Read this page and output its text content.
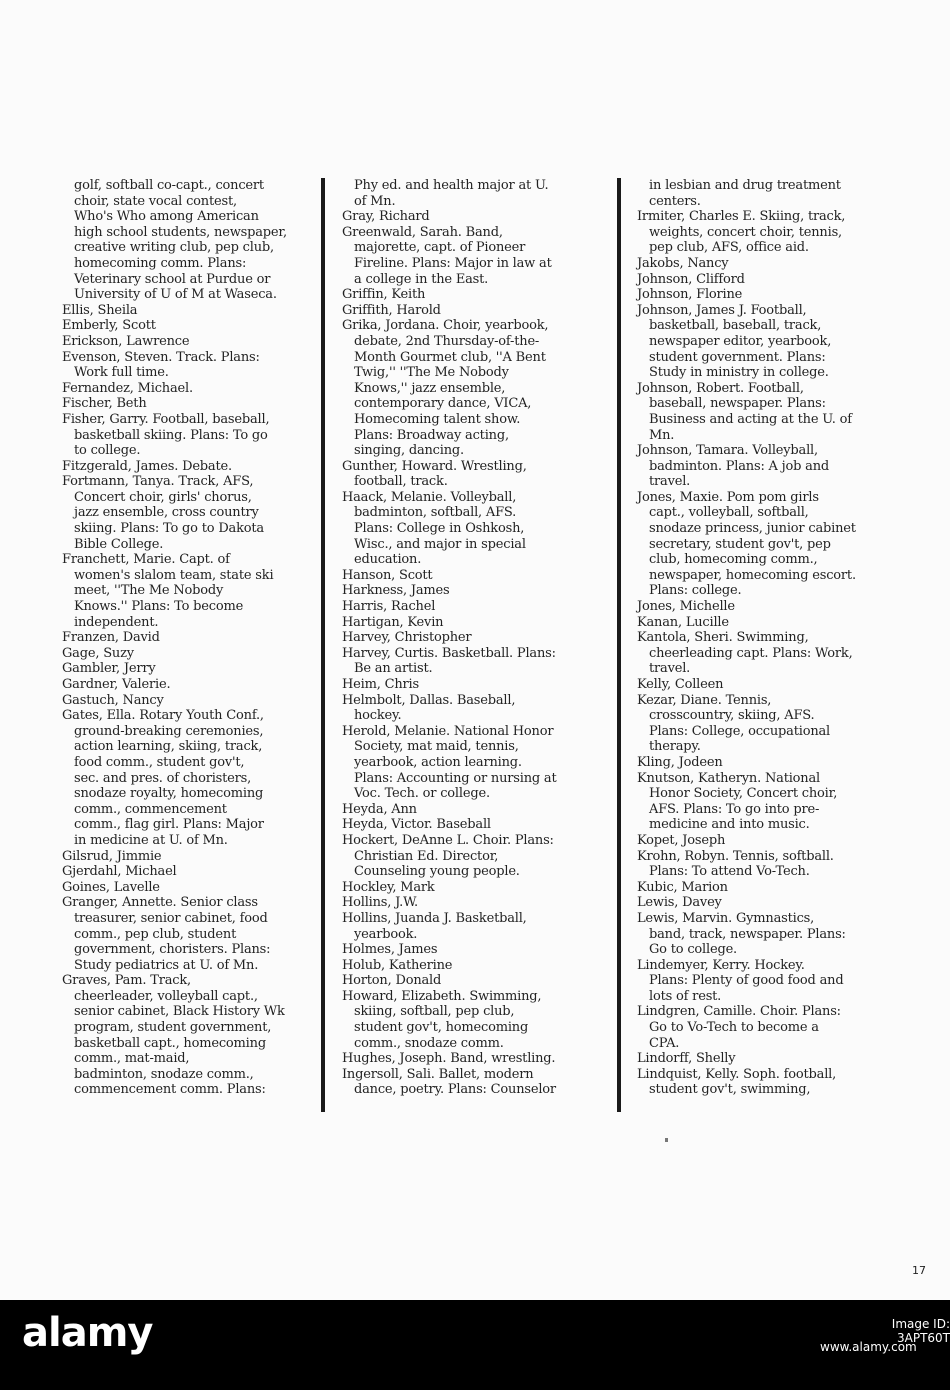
golf, softball co-capt., concert
choir, state vocal contest,
Who's Who among American
high school students, newspaper,
creative writing club, pep club,
homecoming comm. Plans:
Veterinary school at Purdue or
University of U of M at Waseca.
Ellis, Sheila
Emberly, Scott
Erickson, Lawrence
Evenson, Steven. Track. Plans:
Work full time.
Fernandez, Michael.
Fischer, Beth
Fisher, Garry. Football, baseball,
basketball skiing. Plans: To go
to college.
Fitzgerald, James. Debate.
Fortmann, Tanya. Track, AFS,
Concert choir, girls' chorus,
jazz ensemble, cross country
skiing. Plans: To go to Dakota
Bible College.
Franchett, Marie. Capt. of
women's slalom team, state ski
meet, ''The Me Nobody
Knows.'' Plans: To become
independent.
Franzen, David
Gage, Suzy
Gambler, Jerry
Gardner, Valerie.
Gastuch, Nancy
Gates, Ella. Rotary Youth Conf.,
ground-breaking ceremonies,
action learning, skiing, track,
food comm., student gov't,
sec. and pres. of choristers,
snodaze royalty, homecoming
comm., commencement
comm., flag girl. Plans: Major
in medicine at U. of Mn.
Gilsrud, Jimmie
Gjerdahl, Michael
Goines, Lavelle
Granger, Annette. Senior class
treasurer, senior cabinet, food
comm., pep club, student
government, choristers. Plans:
Study pediatrics at U. of Mn.
Graves, Pam. Track,
cheerleader, volleyball capt.,
senior cabinet, Black History Wk
program, student government,
basketball capt., homecoming
comm., mat-maid,
badminton, snodaze comm.,
commencement comm. Plans:
Phy ed. and health major at U.
of Mn.
Gray, Richard
Greenwald, Sarah. Band,
majorette, capt. of Pioneer
Fireline. Plans: Major in law at
a college in the East.
Griffin, Keith
Griffith, Harold
Grika, Jordana. Choir, yearbook,
debate, 2nd Thursday-of-the-
Month Gourmet club, ''A Bent
Twig,'' ''The Me Nobody
Knows,'' jazz ensemble,
contemporary dance, VICA,
Homecoming talent show.
Plans: Broadway acting,
singing, dancing.
Gunther, Howard. Wrestling,
football, track.
Haack, Melanie. Volleyball,
badminton, softball, AFS.
Plans: College in Oshkosh,
Wisc., and major in special
education.
Hanson, Scott
Harkness, James
Harris, Rachel
Hartigan, Kevin
Harvey, Christopher
Harvey, Curtis. Basketball. Plans:
Be an artist.
Heim, Chris
Helmbolt, Dallas. Baseball,
hockey.
Herold, Melanie. National Honor
Society, mat maid, tennis,
yearbook, action learning.
Plans: Accounting or nursing at
Voc. Tech. or college.
Heyda, Ann
Heyda, Victor. Baseball
Hockert, DeAnne L. Choir. Plans:
Christian Ed. Director,
Counseling young people.
Hockley, Mark
Hollins, J.W.
Hollins, Juanda J. Basketball,
yearbook.
Holmes, James
Holub, Katherine
Horton, Donald
Howard, Elizabeth. Swimming,
skiing, softball, pep club,
student gov't, homecoming
comm., snodaze comm.
Hughes, Joseph. Band, wrestling.
Ingersoll, Sali. Ballet, modern
dance, poetry. Plans: Counselor
in lesbian and drug treatment
centers.
Irmiter, Charles E. Skiing, track,
weights, concert choir, tennis,
pep club, AFS, office aid.
Jakobs, Nancy
Johnson, Clifford
Johnson, Florine
Johnson, James J. Football,
basketball, baseball, track,
newspaper editor, yearbook,
student government. Plans:
Study in ministry in college.
Johnson, Robert. Football,
baseball, newspaper. Plans:
Business and acting at the U. of
Mn.
Johnson, Tamara. Volleyball,
badminton. Plans: A job and
travel.
Jones, Maxie. Pom pom girls
capt., volleyball, softball,
snodaze princess, junior cabinet
secretary, student gov't, pep
club, homecoming comm.,
newspaper, homecoming escort.
Plans: college.
Jones, Michelle
Kanan, Lucille
Kantola, Sheri. Swimming,
cheerleading capt. Plans: Work,
travel.
Kelly, Colleen
Kezar, Diane. Tennis,
crosscountry, skiing, AFS.
Plans: College, occupational
therapy.
Kling, Jodeen
Knutson, Katheryn. National
Honor Society, Concert choir,
AFS. Plans: To go into pre-
medicine and into music.
Kopet, Joseph
Krohn, Robyn. Tennis, softball.
Plans: To attend Vo-Tech.
Kubic, Marion
Lewis, Davey
Lewis, Marvin. Gymnastics,
band, track, newspaper. Plans:
Go to college.
Lindemyer, Kerry. Hockey.
Plans: Plenty of good food and
lots of rest.
Lindgren, Camille. Choir. Plans:
Go to Vo-Tech to become a
CPA.
Lindorff, Shelly
Lindquist, Kelly. Soph. football,
student gov't, swimming,
17
alamy	Image ID: 3APT60T
www.alamy.com
